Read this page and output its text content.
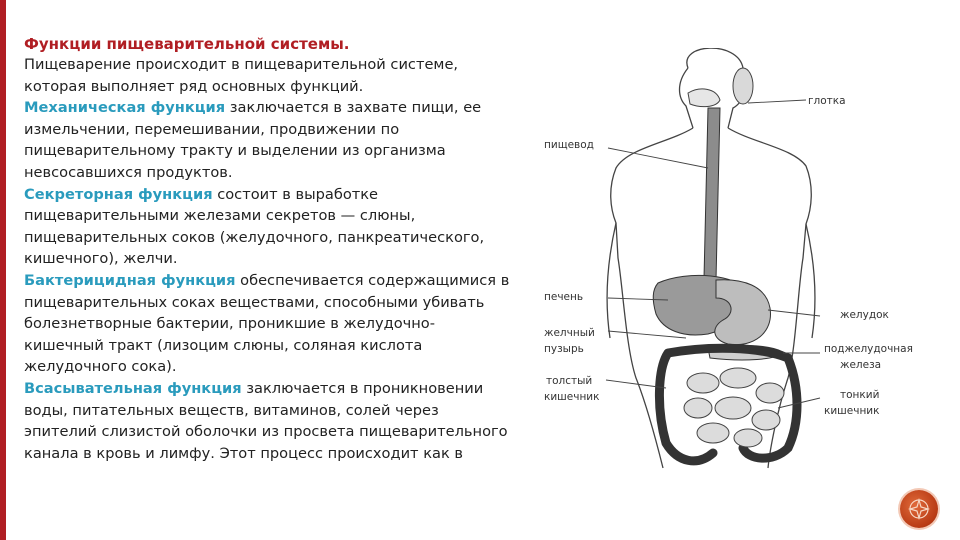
Функции пищеварительной системы.

Пищеварение происходит в пищеварительной системе, которая выполняет ряд основных функций.

Механическая функция заключается в захвате пищи, ее измельчении, перемешивании, продвижении по пищеварительному тракту и выделении из организма невсосавшихся продуктов.

Секреторная функция состоит в выработке пищеварительными железами секретов — слюны, пищеварительных соков (желудочного, панкреатического, кишечного), желчи.

Бактерицидная функция обеспечивается содержащимися в пищеварительных соках веществами, способными убивать болезнетворные бактерии, проникшие в желудочно-кишечный тракт (лизоцим слюны, соляная кислота желудочного сока).

Всасывательная функция заключается в проникновении воды, питательных веществ, витаминов, солей через эпителий слизистой оболочки из просвета пищеварительного канала в кровь и лимфу. Этот процесс происходит как в

глотка
пищевод
печень
желудок
желчный
пузырь	поджелудочная
железа
толстый
кишечник	тонкий
кишечник
